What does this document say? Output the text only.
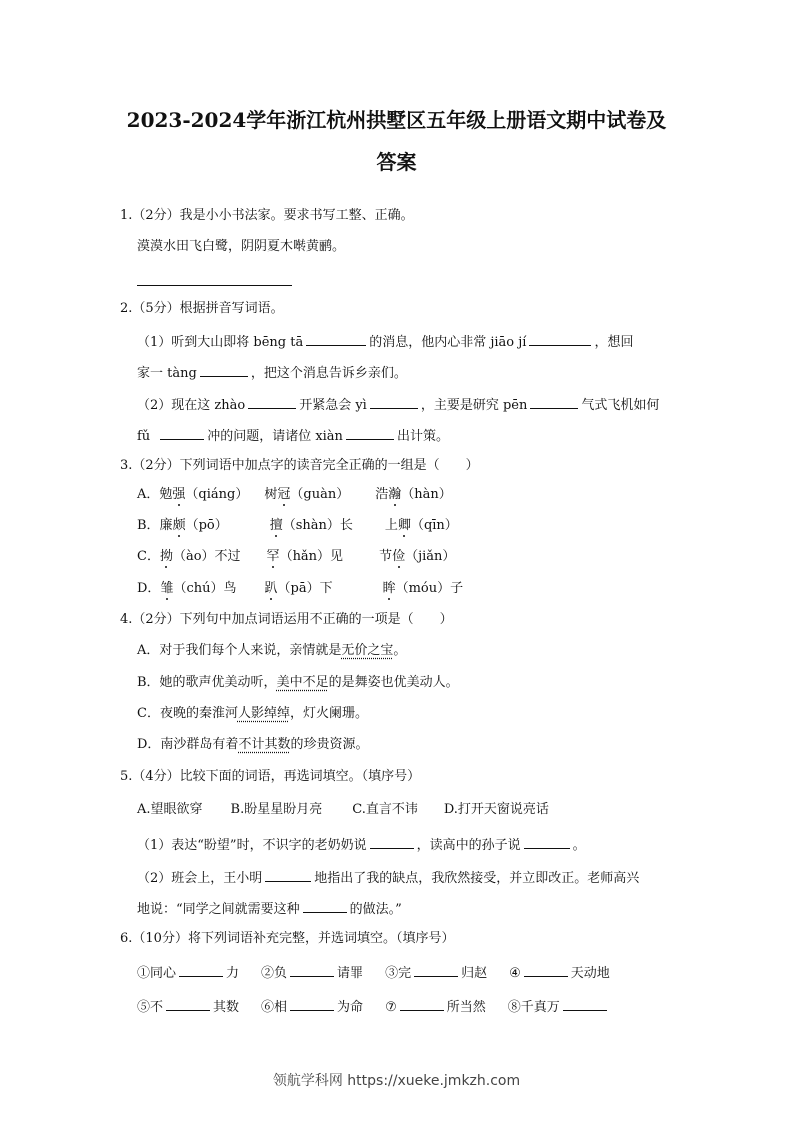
2023-2024学年浙江杭州拱墅区五年级上册语文期中试卷及
答案
1.（2分）我是小小书法家。要求书写工整、正确。
漠漠水田飞白鹭，阴阴夏木啭黄鹂。
2.（5分）根据拼音写词语。
（1）听到大山即将 bēng tā	的消息，他内心非常 jiāo jí	，想回
家一 tàng	，把这个消息告诉乡亲们。
（2）现在这 zhào	开紧急会 yì	，主要是研究 pēn	气式飞机如何
fǔ	冲的问题，请诸位 xiàn	出计策。
3.（2分）下列词语中加点字的读音完全正确的一组是（　　）
A．勉强（qiáng） 树冠（guàn） 浩瀚（hàn）
B．廉颇（pō）	擅（shàn）长 上卿（qīn）
C．拗（ào）不过 罕（hǎn）见	节俭（jiǎn）
D．雏（chú）鸟 趴（pā）下	眸（móu）子
4.（2分）下列句中加点词语运用不正确的一项是（　　）
A．对于我们每个人来说，亲情就是无价之宝。
B．她的歌声优美动听，美中不足的是舞姿也优美动人。
C．夜晚的秦淮河人影绰绰，灯火阑珊。
D．南沙群岛有着不计其数的珍贵资源。
5.（4分）比较下面的词语，再选词填空。（填序号）
A.望眼欲穿 B.盼星星盼月亮 C.直言不讳 D.打开天窗说亮话
（1）表达“盼望”时，不识字的老奶奶说	，读高中的孙子说	。
（2）班会上，王小明	地指出了我的缺点，我欣然接受，并立即改正。老师高兴
地说：“同学之间就需要这种	的做法。”
6.（10分）将下列词语补充完整，并选词填空。（填序号）
①同心	力 ②负	请罪 ③完	归赵 ④	天动地
⑤不	其数 ⑥相	为命 ⑦	所当然 ⑧千真万
领航学科网 https://xueke.jmkzh.com
